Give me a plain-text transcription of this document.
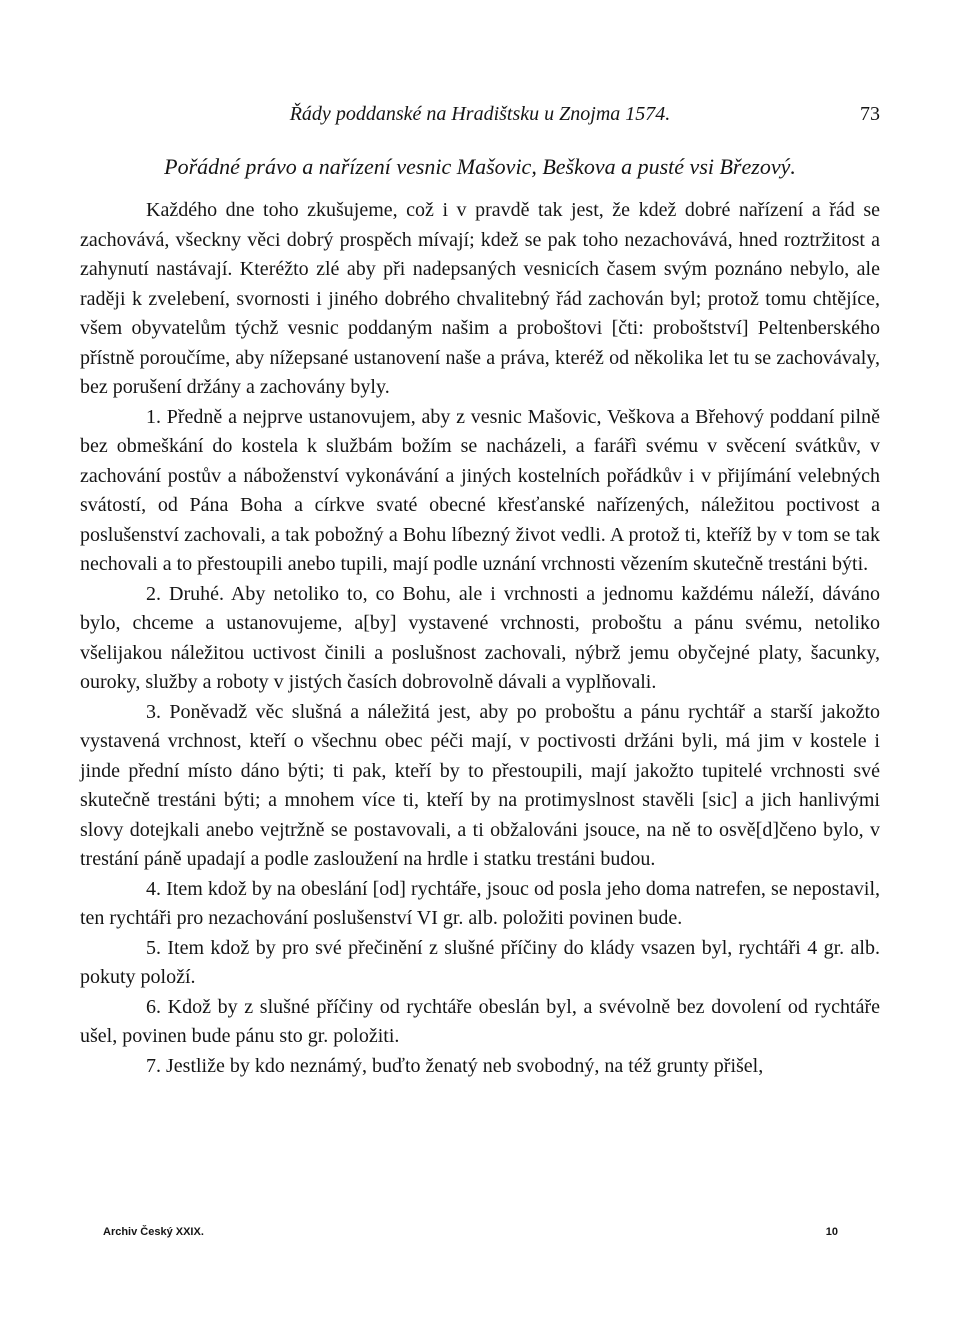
Řády poddanské na Hradištsku u Znojma 1574.	73
Pořádné právo a nařízení vesnic Mašovic, Beškova a pusté vsi Březový.

Každého dne toho zkušujeme, což i v pravdě tak jest, že kdež dobré nařízení a řád se zachovává, všeckny věci dobrý prospěch mívají; kdež se pak toho nezachovává, hned roztržitost a zahynutí nastávají. Kteréžto zlé aby při nadepsaných vesnicích časem svým poznáno nebylo, ale raději k zvelebení, svornosti i jiného dobrého chvalitebný řád zachován byl; protož tomu chtějíce, všem obyvatelům týchž vesnic poddaným našim a proboštovi [čti: proboštství] Peltenberského přístně poroučíme, aby nížepsané ustanovení naše a práva, kteréž od několika let tu se zachovávaly, bez porušení držány a zachovány byly.

1. Předně a nejprve ustanovujem, aby z vesnic Mašovic, Veškova a Břehový poddaní pilně bez obmeškání do kostela k službám božím se nacházeli, a farářì svému v svěcení svátkův, v zachování postův a náboženství vykonávání a jiných kostelních pořádkův i v přijímání velebných svátostí, od Pána Boha a církve svaté obecné křesťanské nařízených, náležitou poctivost a poslušenství zachovali, a tak pobožný a Bohu líbezný život vedli. A protož ti, kteříž by v tom se tak nechovali a to přestoupili anebo tupili, mají podle uznání vrchnosti vězením skutečně trestáni býti.

2. Druhé. Aby netoliko to, co Bohu, ale i vrchnosti a jednomu každému náleží, dáváno bylo, chceme a ustanovujeme, a[by] vystavené vrchnosti, proboštu a pánu svému, netoliko všelijakou náležitou uctivost činili a poslušnost zachovali, nýbrž jemu obyčejné platy, šacunky, ouroky, služby a roboty v jistých časích dobrovolně dávali a vyplňovali.

3. Poněvadž věc slušná a náležitá jest, aby po proboštu a pánu rychtář a starší jakožto vystavená vrchnost, kteří o všechnu obec péči mají, v poctivosti držáni byli, má jim v kostele i jinde přední místo dáno býti; ti pak, kteří by to přestoupili, mají jakožto tupitelé vrchnosti své skutečně trestáni býti; a mnohem více ti, kteří by na protimyslnost stavěli [sic] a jich hanlivými slovy dotejkali anebo vejtržně se postavovali, a ti obžalováni jsouce, na ně to osvě[d]čeno bylo, v trestání páně upadají a podle zasloužení na hrdle i statku trestáni budou.

4. Item kdož by na obeslání [od] rychtáře, jsouc od posla jeho doma natrefen, se nepostavil, ten rychtáři pro nezachování poslušenství VI gr. alb. položiti povinen bude.

5. Item kdož by pro své přečinění z slušné příčiny do klády vsazen byl, rychtáři 4 gr. alb. pokuty položí.

6. Kdož by z slušné příčiny od rychtáře obeslán byl, a svévolně bez dovolení od rychtáře ušel, povinen bude pánu sto gr. položiti.

7. Jestliže by kdo neznámý, buďto ženatý neb svobodný, na též grunty přišel,

Archiv Český XXIX.	10
